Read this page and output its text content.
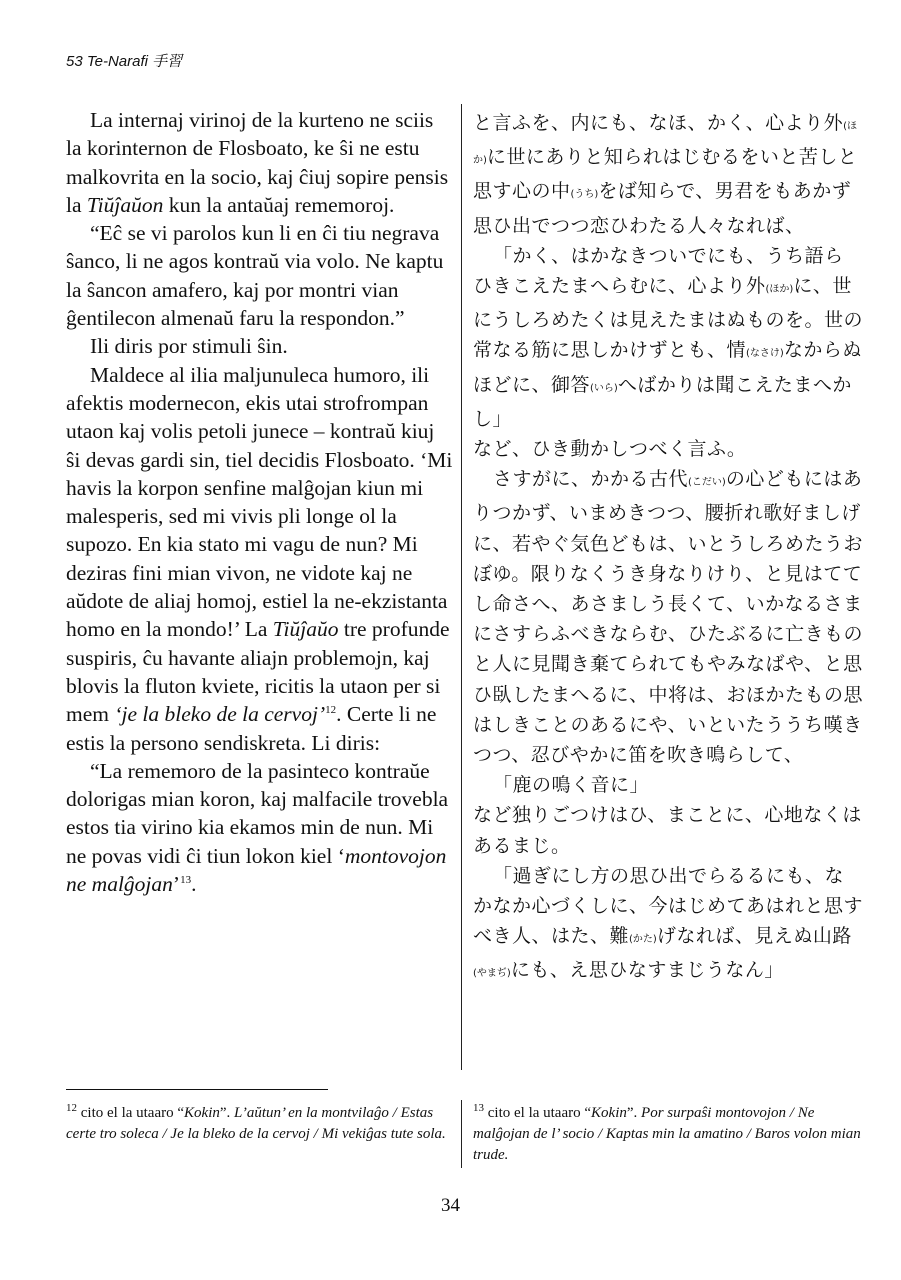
53 Te-Narafi 手習

La internaj virinoj de la kurteno ne sciis la korinternon de Flosboato, ke ŝi ne estu malkovrita en la socio, kaj ĉiuj sopire pensis la Tiŭĵaŭon kun la antaŭaj rememoroj.

“Eĉ se vi parolos kun li en ĉi tiu negrava ŝanco, li ne agos kontraŭ via volo. Ne kaptu la ŝancon amafero, kaj por montri vian ĝentilecon almenaŭ faru la respondon.”

Ili diris por stimuli ŝin.

Maldece al ilia maljunuleca humoro, ili afektis modernecon, ekis utai strofrompan utaon kaj volis petoli junece – kontraŭ kiuj ŝi devas gardi sin, tiel decidis Flosboato. ‘Mi havis la korpon senfine malĝojan kiun mi malesperis, sed mi vivis pli longe ol la supozo. En kia stato mi vagu de nun? Mi deziras fini mian vivon, ne vidote kaj ne aŭdote de aliaj homoj, estiel la ne-ekzistanta homo en la mondo!’ La Tiŭĵaŭo tre profunde suspiris, ĉu havante aliajn problemojn, kaj blovis la fluton kviete, ricitis la utaon per si mem ‘je la bleko de la cervoj’$^{12}$. Certe li ne estis la persono sendiskreta. Li diris:

“La rememoro de la pasinteco kontraŭe dolorigas mian koron, kaj malfacile trovebla estos tia virino kia ekamos min de nun. Mi ne povas vidi ĉi tiun lokon kiel ‘montovojon ne malĝojan’$^{13}$.

と言ふを、内にも、なほ、かく、心より外(ほか)に世にありと知られはじむるをいと苦しと思す心の中(うち)をば知らで、男君をもあかず思ひ出でつつ恋ひわたる人々なれば、

「かく、はかなきついでにも、うち語らひきこえたまへらむに、心より外(ほか)に、世にうしろめたくは見えたまはぬものを。世の常なる筋に思しかけずとも、情(なさけ)なからぬほどに、御答(いら)へばかりは聞こえたまへかし」

など、ひき動かしつべく言ふ。

さすがに、かかる古代(こだい)の心どもにはありつかず、いまめきつつ、腰折れ歌好ましげに、若やぐ気色どもは、いとうしろめたうおぼゆ。限りなくうき身なりけり、と見はててし命さへ、あさましう長くて、いかなるさまにさすらふべきならむ、ひたぶるに亡きものと人に見聞き棄てられてもやみなばや、と思ひ臥したまへるに、中将は、おほかたもの思はしきことのあるにや、いといたううち嘆きつつ、忍びやかに笛を吹き鳴らして、

「鹿の鳴く音に」

など独りごつけはひ、まことに、心地なくはあるまじ。

「過ぎにし方の思ひ出でらるるにも、なかなか心づくしに、今はじめてあはれと思すべき人、はた、難(かた)げなれば、見えぬ山路(やまぢ)にも、え思ひなすまじうなん」

$^{12}$ cito el la utaaro “Kokin”. L’aŭtun’ en la montvilaĝo / Estas certe tro soleca / Je la bleko de la cervoj / Mi vekiĝas tute sola.

$^{13}$ cito el la utaaro “Kokin”. Por surpaŝi montovojon / Ne malĝojan de l’ socio / Kaptas min la amatino / Baros volon mian trude.

34
